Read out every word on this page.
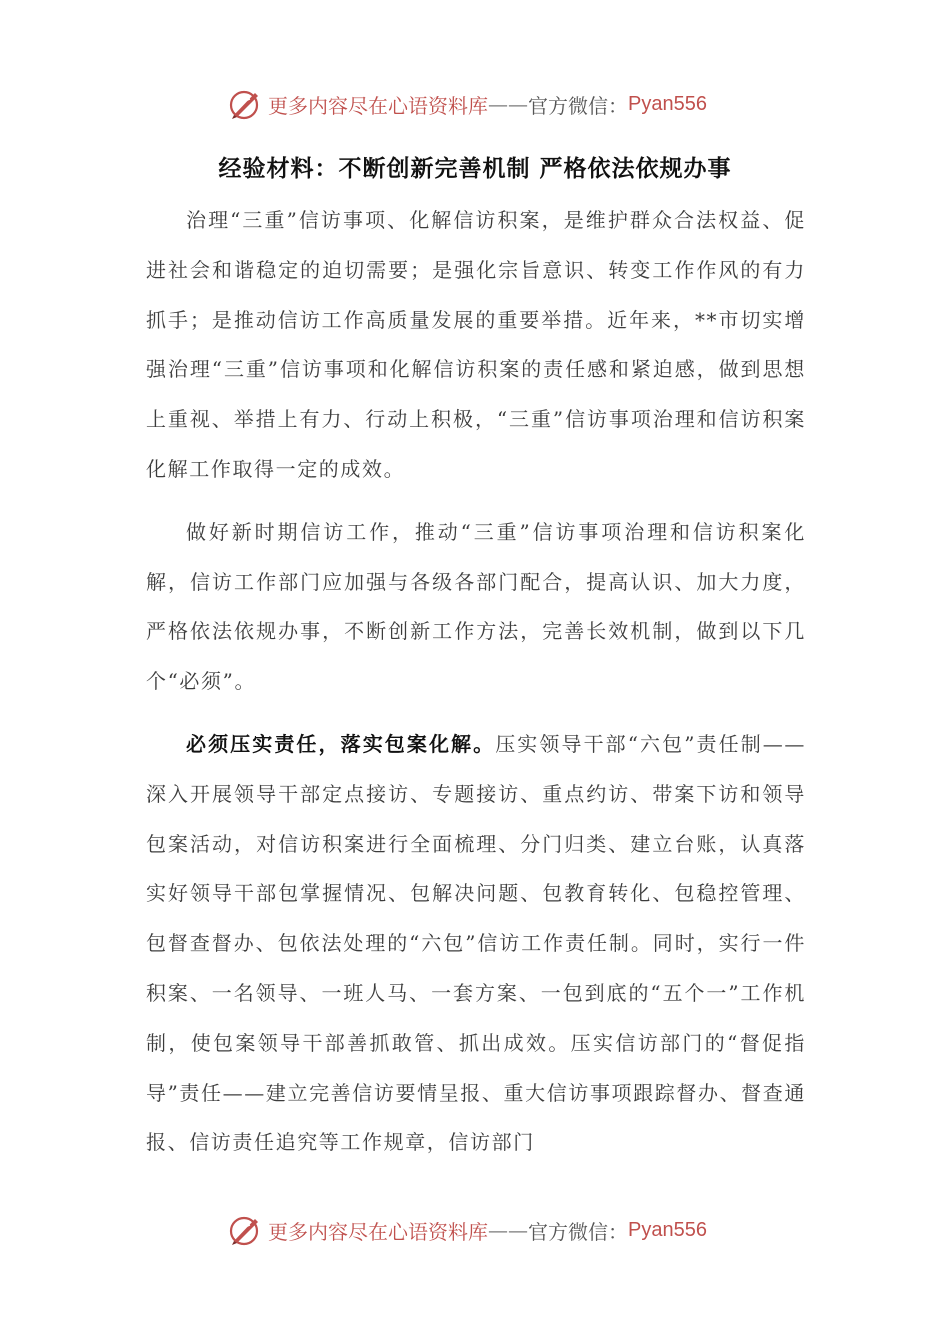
更多内容尽在心语资料库 —— 官方微信： Pyan556
经验材料：不断创新完善机制 严格依法依规办事

治理“三重”信访事项、化解信访积案，是维护群众合法权益、促进社会和谐稳定的迫切需要；是强化宗旨意识、转变工作作风的有力抓手；是推动信访工作高质量发展的重要举措。近年来，**市切实增强治理“三重”信访事项和化解信访积案的责任感和紧迫感，做到思想上重视、举措上有力、行动上积极，“三重”信访事项治理和信访积案化解工作取得一定的成效。

做好新时期信访工作，推动“三重”信访事项治理和信访积案化解，信访工作部门应加强与各级各部门配合，提高认识、加大力度，严格依法依规办事，不断创新工作方法，完善长效机制，做到以下几个“必须”。

必须压实责任，落实包案化解。压实领导干部“六包”责任制——深入开展领导干部定点接访、专题接访、重点约访、带案下访和领导包案活动，对信访积案进行全面梳理、分门归类、建立台账，认真落实好领导干部包掌握情况、包解决问题、包教育转化、包稳控管理、包督查督办、包依法处理的“六包”信访工作责任制。同时，实行一件积案、一名领导、一班人马、一套方案、一包到底的“五个一”工作机制，使包案领导干部善抓敢管、抓出成效。压实信访部门的“督促指导”责任——建立完善信访要情呈报、重大信访事项跟踪督办、督查通报、信访责任追究等工作规章，信访部门

更多内容尽在心语资料库 —— 官方微信： Pyan556
